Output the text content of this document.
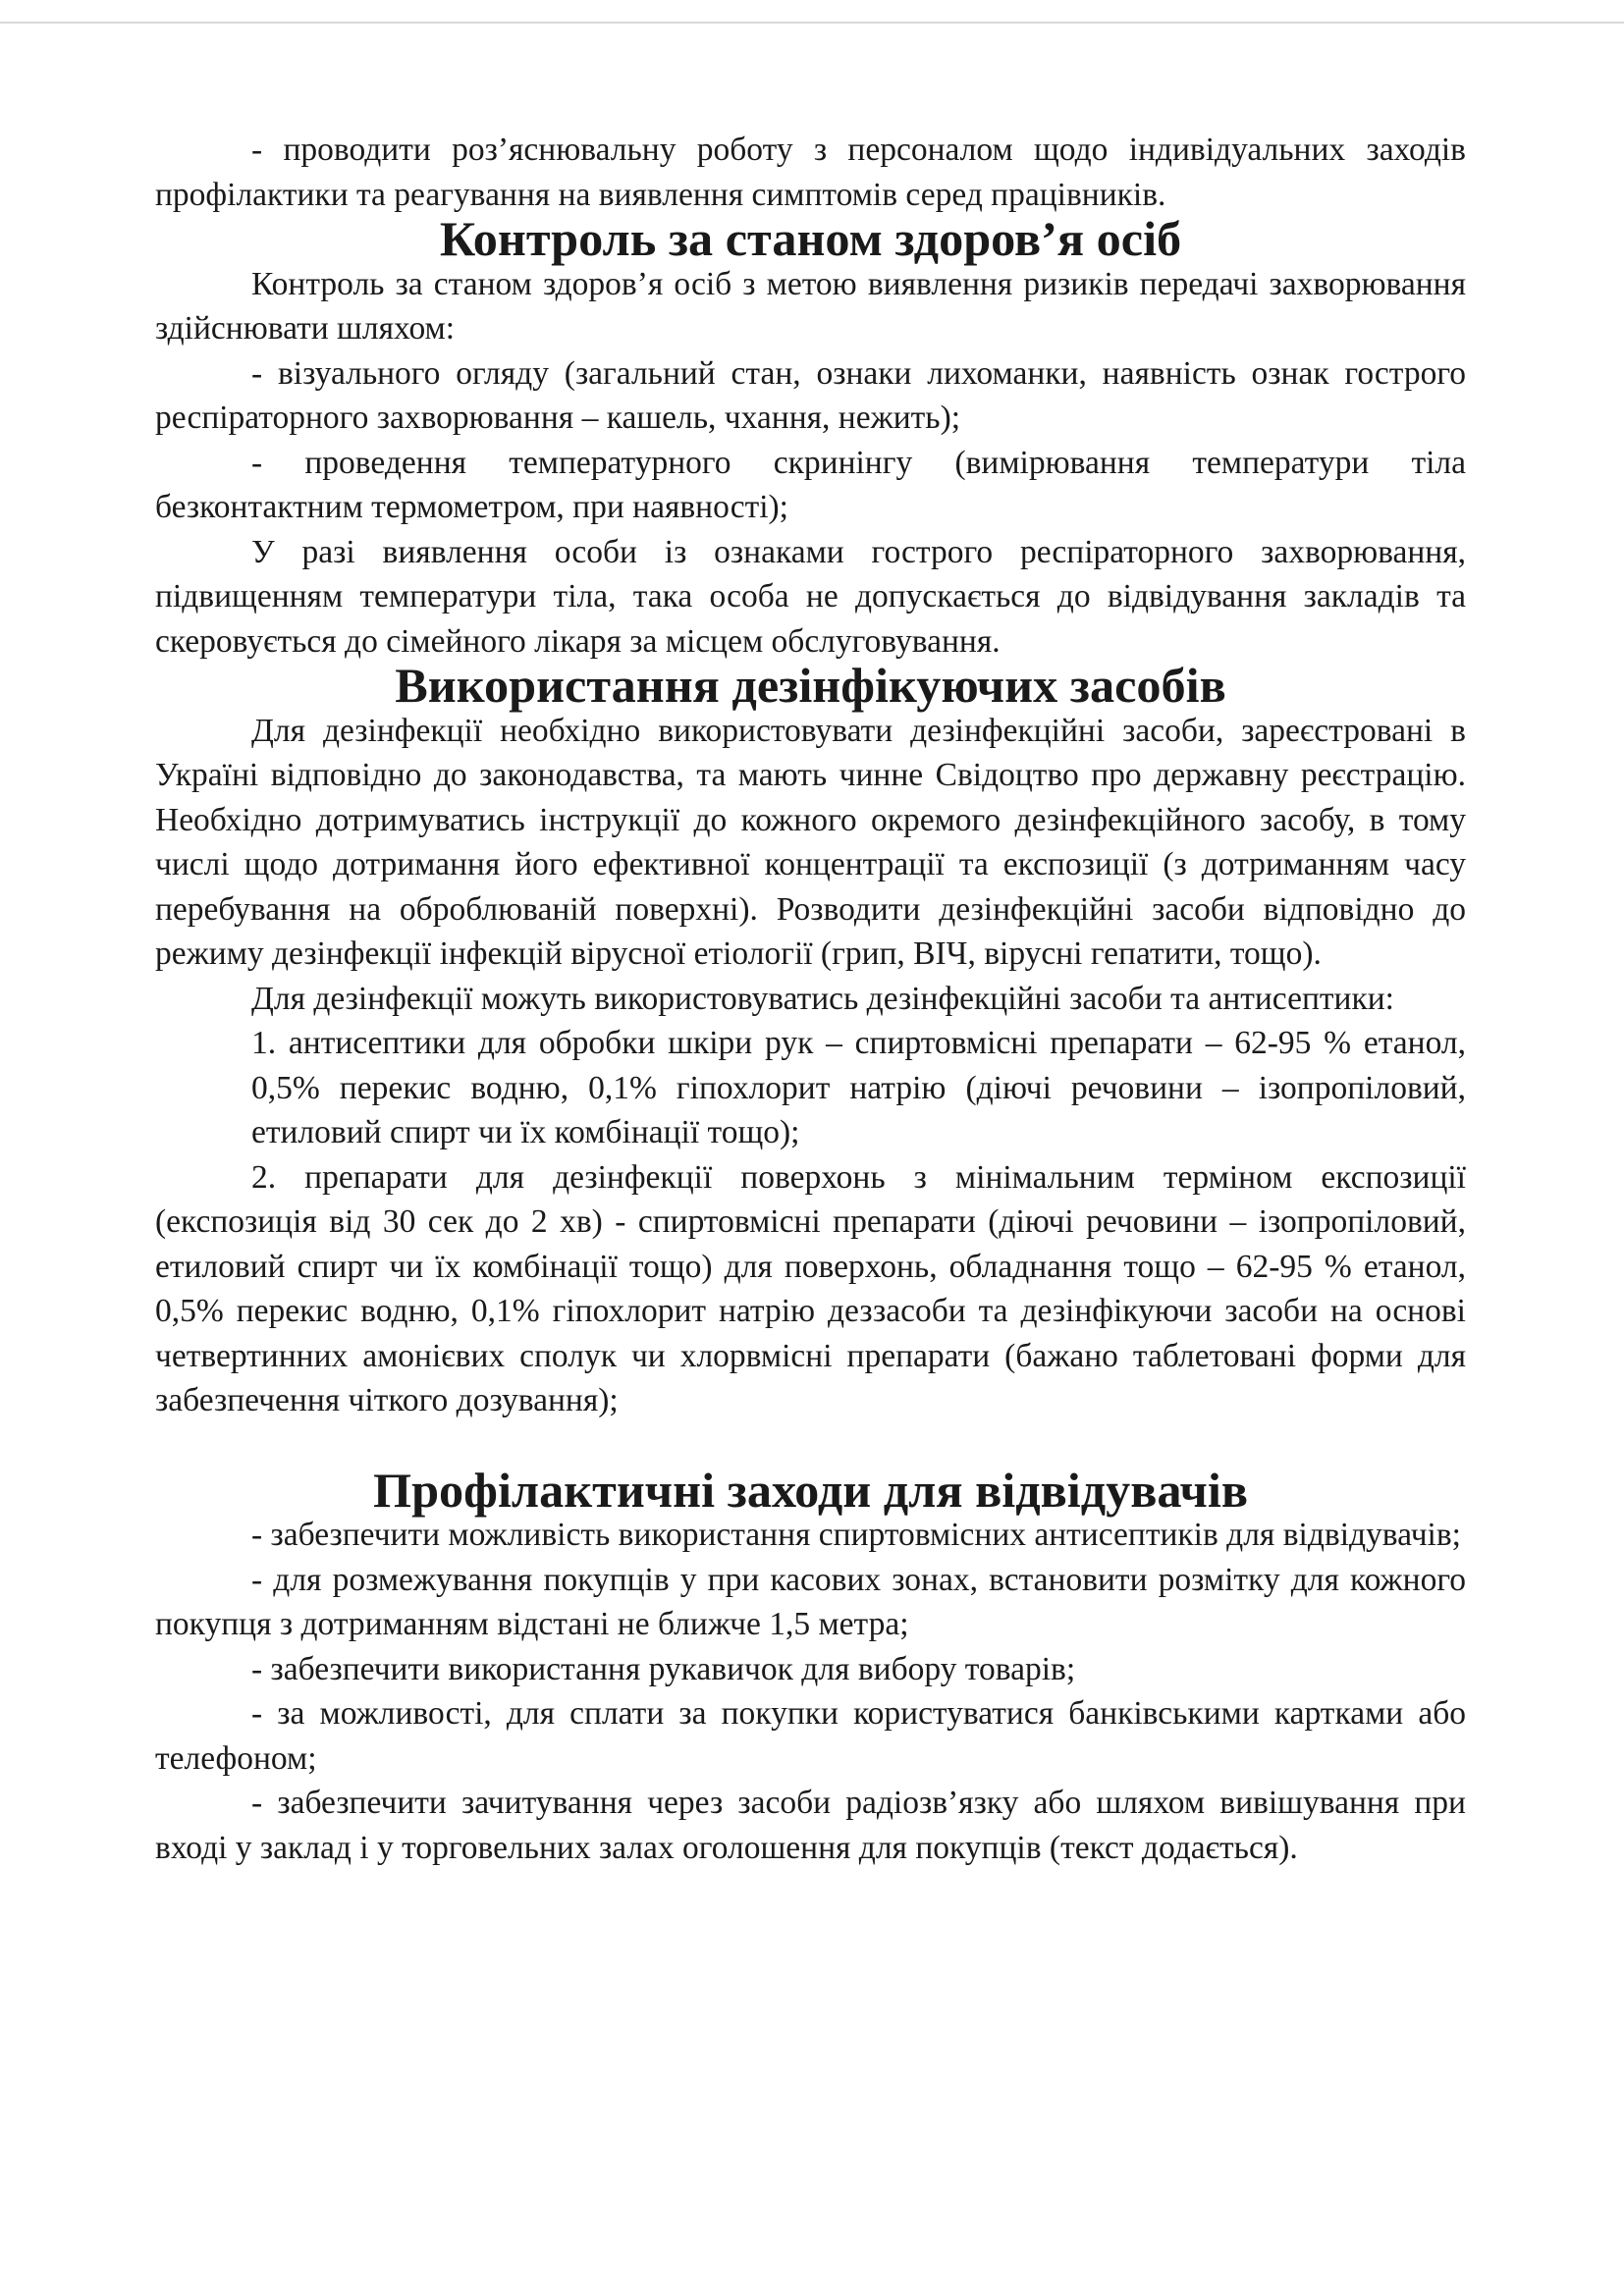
- проводити роз’яснювальну роботу з персоналом щодо індивідуальних заходів профілактики та реагування на виявлення симптомів серед працівників.

Контроль за станом здоров’я осіб

Контроль за станом здоров’я осіб з метою виявлення ризиків передачі захворювання здійснювати шляхом:

- візуального огляду (загальний стан, ознаки лихоманки, наявність ознак гострого респіраторного захворювання – кашель, чхання, нежить);

- проведення температурного скринінгу (вимірювання температури тіла безконтактним термометром, при наявності);

У разі виявлення особи із ознаками гострого респіраторного захворювання, підвищенням температури тіла, така особа не допускається до відвідування закладів та скеровується до сімейного лікаря за місцем обслуговування.

Використання дезінфікуючих засобів

Для дезінфекції необхідно використовувати дезінфекційні засоби, зареєстровані в Україні відповідно до законодавства, та мають чинне Свідоцтво про державну реєстрацію. Необхідно дотримуватись інструкції до кожного окремого дезінфекційного засобу, в тому числі щодо дотримання його ефективної концентрації та експозиції (з дотриманням часу перебування на оброблюваній поверхні). Розводити дезінфекційні засоби відповідно до режиму дезінфекції інфекцій вірусної етіології (грип, ВІЧ, вірусні гепатити, тощо).

Для дезінфекції можуть використовуватись дезінфекційні засоби та антисептики:

1. антисептики для обробки шкіри рук – спиртовмісні препарати – 62-95 % етанол, 0,5% перекис водню, 0,1% гіпохлорит натрію (діючі речовини – ізопропіловий, етиловий спирт чи їх комбінації тощо);

2. препарати для дезінфекції поверхонь з мінімальним терміном експозиції (експозиція від 30 сек до 2 хв) - спиртовмісні препарати (діючі речовини – ізопропіловий, етиловий спирт чи їх комбінації тощо) для поверхонь, обладнання тощо – 62-95 % етанол, 0,5% перекис водню, 0,1% гіпохлорит натрію деззасоби та дезінфікуючи засоби на основі четвертинних амонієвих сполук чи хлорвмісні препарати (бажано таблетовані форми для забезпечення чіткого дозування);

Профілактичні заходи для відвідувачів

- забезпечити можливість використання спиртовмісних антисептиків для відвідувачів;

- для розмежування покупців у при касових зонах, встановити розмітку для кожного покупця з дотриманням відстані не ближче 1,5 метра;

- забезпечити використання рукавичок для вибору товарів;

- за можливості, для сплати за покупки користуватися банківськими картками або телефоном;

- забезпечити зачитування через засоби радіозв’язку або шляхом вивішування при вході у заклад і у торговельних залах оголошення для покупців (текст додається).
